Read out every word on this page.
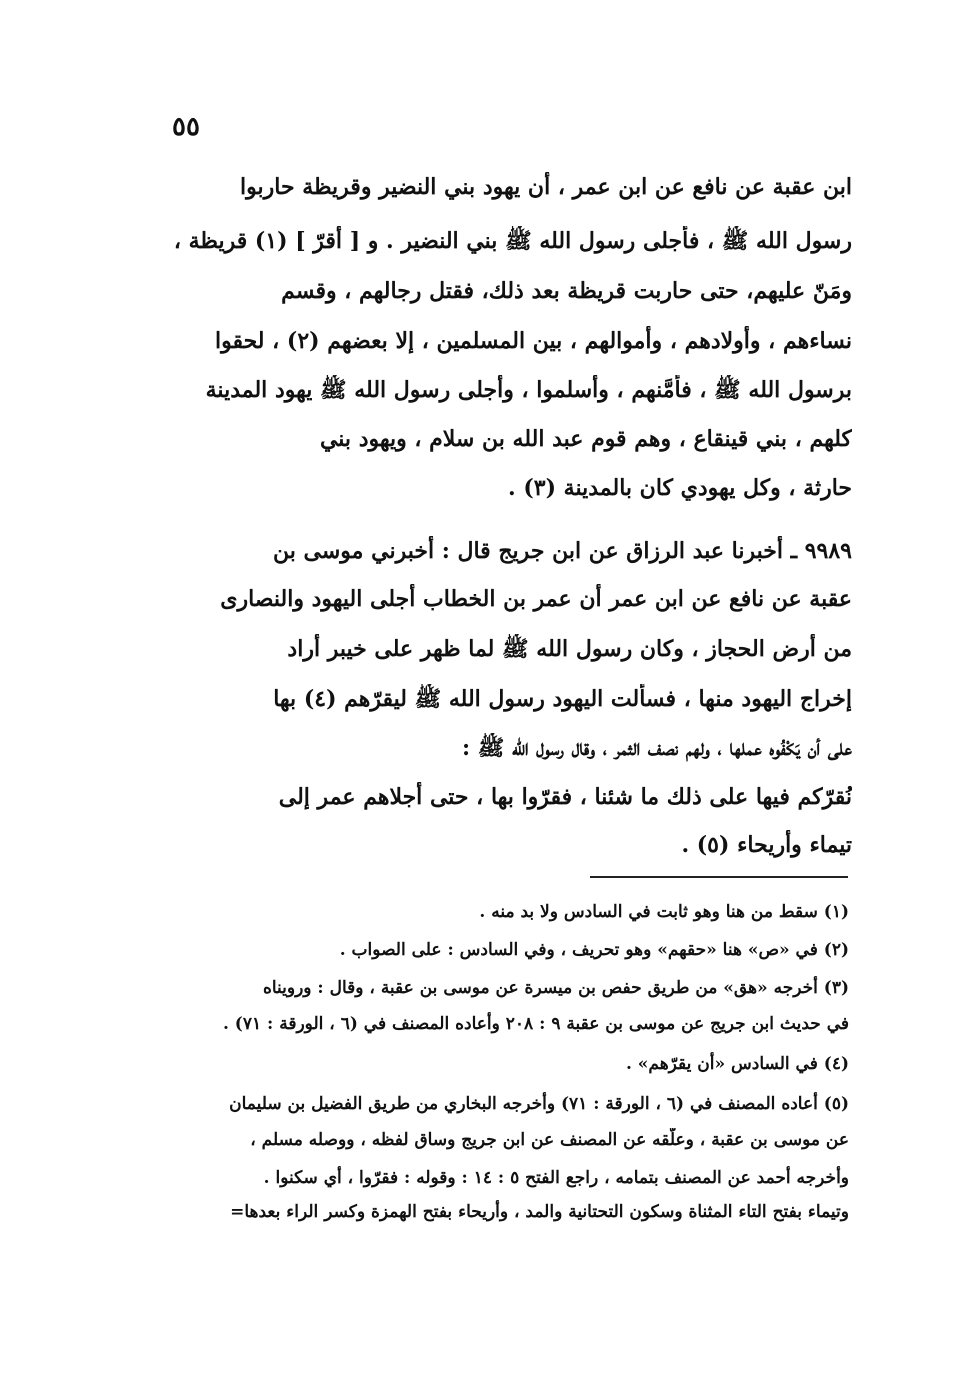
٥٥
ابن عقبة عن نافع عن ابن عمر ، أن يهود بني النضير وقريظة حاربوا
رسول الله ﷺ ، فأجلى رسول الله ﷺ بني النضير . و [ أقرّ ] (١) قريظة ،
ومَنّ عليهم، حتى حاربت قريظة بعد ذلك، فقتل رجالهم ، وقسم
نساءهم ، وأولادهم ، وأموالهم ، بين المسلمين ، إلا بعضهم (٢) ، لحقوا
برسول الله ﷺ ، فأمَّنهم ، وأسلموا ، وأجلى رسول الله ﷺ يهود المدينة
كلهم ، بني قينقاع ، وهم قوم عبد الله بن سلام ، ويهود بني
حارثة ، وكل يهودي كان بالمدينة (٣) .
٩٩٨٩ ـ أخبرنا عبد الرزاق عن ابن جريج قال : أخبرني موسى بن
عقبة عن نافع عن ابن عمر أن عمر بن الخطاب أجلى اليهود والنصارى
من أرض الحجاز ، وكان رسول الله ﷺ لما ظهر على خيبر أراد
إخراج اليهود منها ، فسألت اليهود رسول الله ﷺ ليقرّهم (٤) بها
على أن يَكْفُوه عملها ، ولهم نصف الثمر ، وقال رسول الله ﷺ :
نُقرّكم فيها على ذلك ما شئنا ، فقرّوا بها ، حتى أجلاهم عمر إلى
تيماء وأريحاء (٥) .
(١) سقط من هنا وهو ثابت في السادس ولا بد منه .
(٢) في «ص» هنا «حقهم» وهو تحريف ، وفي السادس : على الصواب .
(٣) أخرجه «هق» من طريق حفص بن ميسرة عن موسى بن عقبة ، وقال : ورويناه
في حديث ابن جريج عن موسى بن عقبة ٩ : ٢٠٨ وأعاده المصنف في (٦ ، الورقة : ٧١) .
(٤) في السادس «أن يقرّهم» .
(٥) أعاده المصنف في (٦ ، الورقة : ٧١) وأخرجه البخاري من طريق الفضيل بن سليمان
عن موسى بن عقبة ، وعلّقه عن المصنف عن ابن جريج وساق لفظه ، ووصله مسلم ،
وأخرجه أحمد عن المصنف بتمامه ، راجع الفتح ٥ : ١٤ : وقوله : فقرّوا ، أي سكنوا .
وتيماء بفتح التاء المثناة وسكون التحتانية والمد ، وأريحاء بفتح الهمزة وكسر الراء بعدها=
